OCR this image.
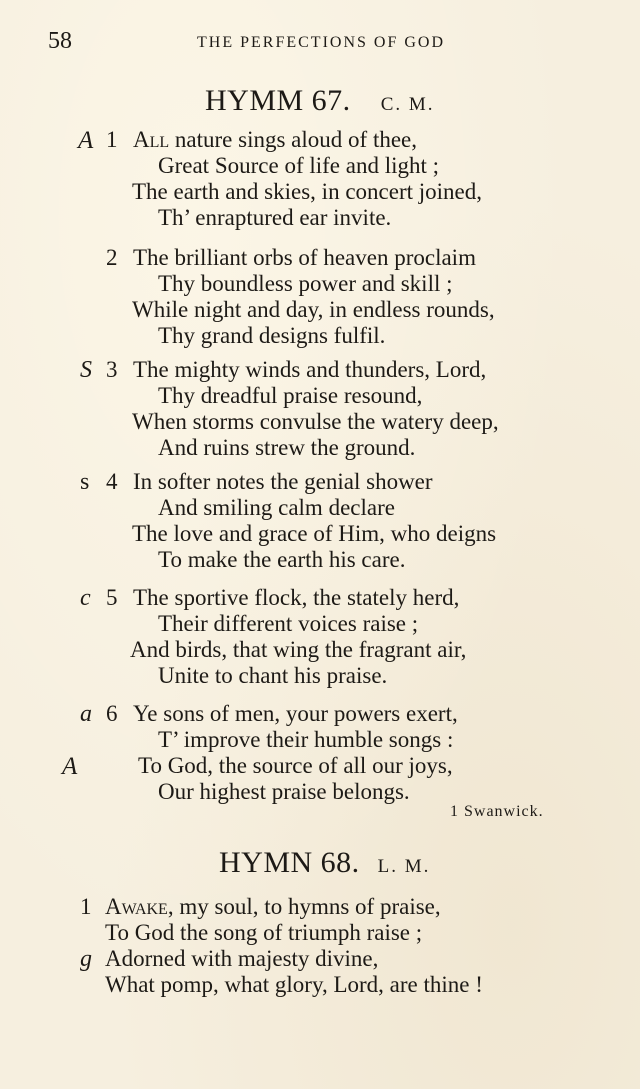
58	THE PERFECTIONS OF GOD
HYMM 67. C. M.
A 1 All nature sings aloud of thee,
Great Source of life and light ;
The earth and skies, in concert joined,
Th’ enraptured ear invite.
2 The brilliant orbs of heaven proclaim
Thy boundless power and skill ;
While night and day, in endless rounds,
Thy grand designs fulfil.
S 3 The mighty winds and thunders, Lord,
Thy dreadful praise resound,
When storms convulse the watery deep,
And ruins strew the ground.
s 4 In softer notes the genial shower
And smiling calm declare
The love and grace of Him, who deigns
To make the earth his care.
c 5 The sportive flock, the stately herd,
Their different voices raise ;
And birds, that wing the fragrant air,
Unite to chant his praise.
a 6 Ye sons of men, your powers exert,
T’ improve their humble songs :
A	To God, the source of all our joys,
Our highest praise belongs.
1 Swanwick.
HYMN 68. L. M.
1 Awake, my soul, to hymns of praise,
To God the song of triumph raise ;
g Adorned with majesty divine,
What pomp, what glory, Lord, are thine !
